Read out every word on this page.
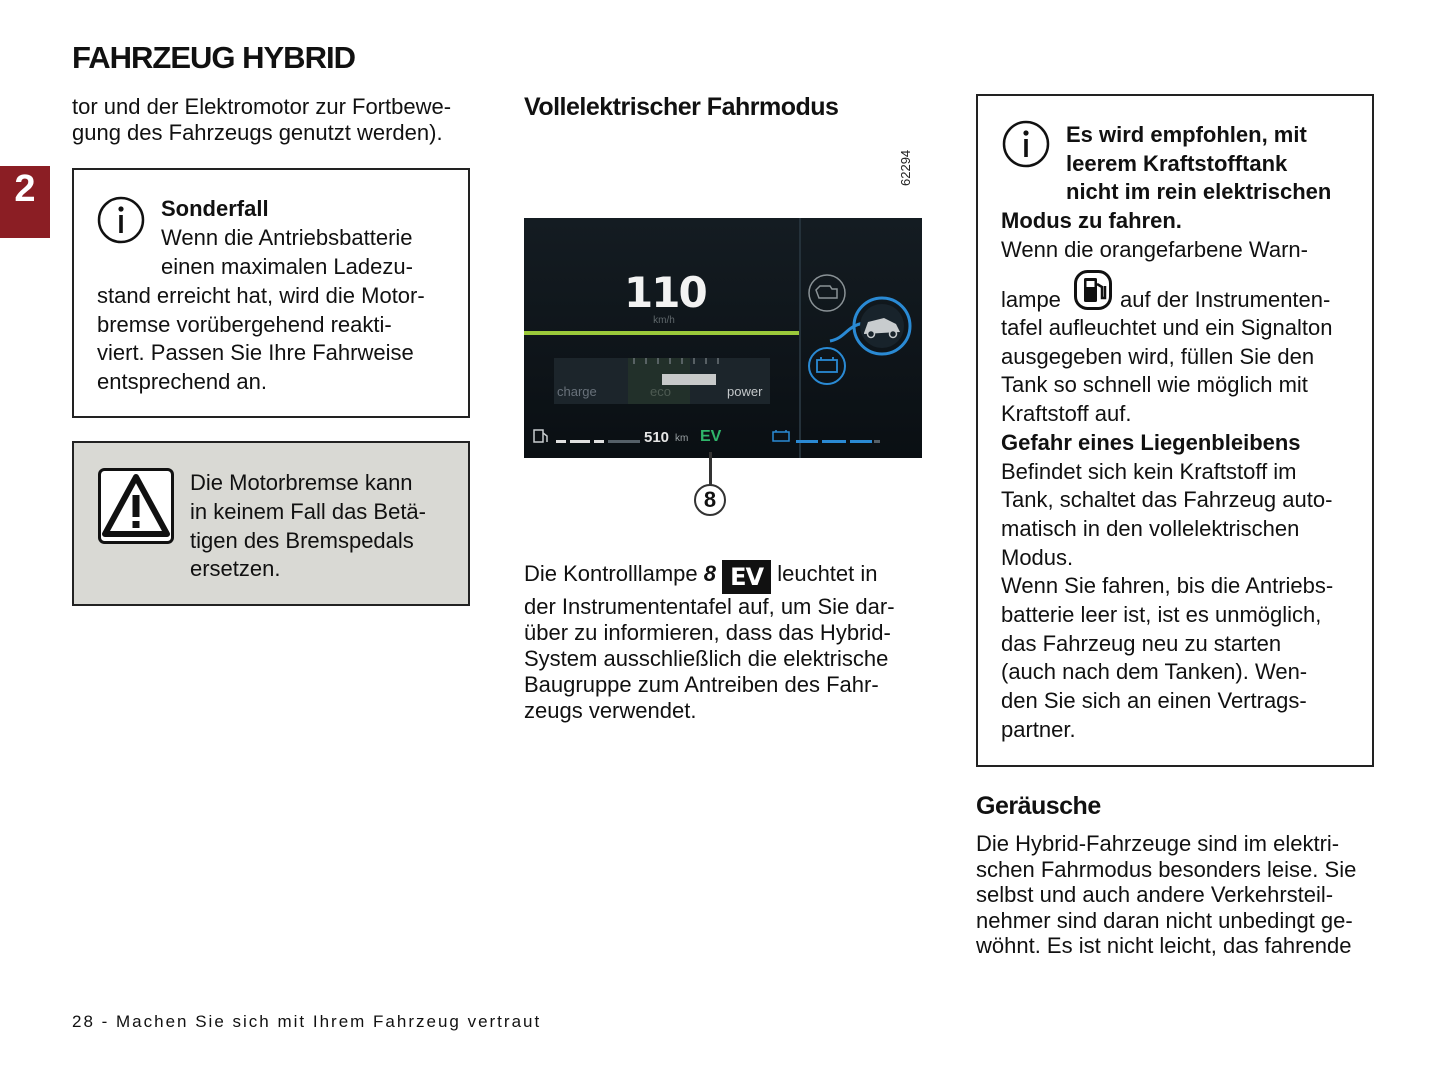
FAHRZEUG HYBRID
2
tor und der Elektromotor zur Fortbewe-
gung des Fahrzeugs genutzt werden).
Sonderfall
Wenn die Antriebsbatterie
einen maximalen Ladezu-
stand erreicht hat, wird die Motor-
bremse vorübergehend reakti-
viert. Passen Sie Ihre Fahrweise
entsprechend an.
Die Motorbremse kann
in keinem Fall das Betä-
tigen des Bremspedals
ersetzen.
Vollelektrischer Fahrmodus
62294
110
km/h
charge	eco	power
510 km EV
8
Die Kontrolllampe 8 EV leuchtet in
der Instrumententafel auf, um Sie dar-
über zu informieren, dass das Hybrid-
System ausschließlich die elektrische
Baugruppe zum Antreiben des Fahr-
zeugs verwendet.
Es wird empfohlen, mit
leerem Kraftstofftank
nicht im rein elektrischen
Modus zu fahren.
Wenn die orangefarbene Warn-
lampe	auf der Instrumenten-
tafel aufleuchtet und ein Signalton
ausgegeben wird, füllen Sie den
Tank so schnell wie möglich mit
Kraftstoff auf.
Gefahr eines Liegenbleibens
Befindet sich kein Kraftstoff im
Tank, schaltet das Fahrzeug auto-
matisch in den vollelektrischen
Modus.
Wenn Sie fahren, bis die Antriebs-
batterie leer ist, ist es unmöglich,
das Fahrzeug neu zu starten
(auch nach dem Tanken). Wen-
den Sie sich an einen Vertrags-
partner.
Geräusche
Die Hybrid-Fahrzeuge sind im elektri-
schen Fahrmodus besonders leise. Sie
selbst und auch andere Verkehrsteil-
nehmer sind daran nicht unbedingt ge-
wöhnt. Es ist nicht leicht, das fahrende
28 - Machen Sie sich mit Ihrem Fahrzeug vertraut
